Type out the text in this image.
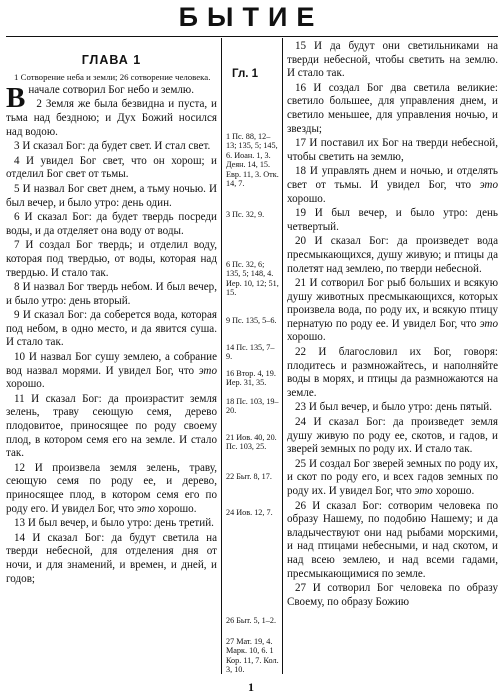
БЫТИЕ
ГЛАВА 1

1 Сотворение неба и земли; 26 сотворение человека.

В начале сотворил Бог небо и землю.

2 Земля же была безвидна и пуста, и тьма над бездною; и Дух Божий носился над водою.

3 И сказал Бог: да будет свет. И стал свет.

4 И увидел Бог свет, что он хорош; и отделил Бог свет от тьмы.

5 И назвал Бог свет днем, а тьму ночью. И был вечер, и было утро: день один.

6 И сказал Бог: да будет твердь посреди воды, и да отделяет она воду от воды.

7 И создал Бог твердь; и отделил воду, которая под твердью, от воды, которая над твердью. И стало так.

8 И назвал Бог твердь небом. И был вечер, и было утро: день вторый.

9 И сказал Бог: да соберется вода, которая под небом, в одно место, и да явится суша. И стало так.

10 И назвал Бог сушу землею, а собрание вод назвал морями. И увидел Бог, что это хорошо.

11 И сказал Бог: да произрастит земля зелень, траву сеющую семя, дерево плодовитое, приносящее по роду своему плод, в котором семя его на земле. И стало так.

12 И произвела земля зелень, траву, сеющую семя по роду ее, и дерево, приносящее плод, в котором семя его по роду его. И увидел Бог, что это хорошо.

13 И был вечер, и было утро: день третий.

14 И сказал Бог: да будут светила на тверди небесной, для отделения дня от ночи, и для знамений, и времен, и дней, и годов;

Гл. 1
1 Пс. 88, 12–13; 135, 5; 145, 6. Иоан. 1, 3. Деян. 14, 15. Евр. 11, 3. Отк. 14, 7.
3 Пс. 32, 9.
6 Пс. 32, 6; 135, 5; 148, 4. Иер. 10, 12; 51, 15.
9 Пс. 135, 5–6.
14 Пс. 135, 7–9.
16 Втор. 4, 19. Иер. 31, 35.
18 Пс. 103, 19–20.
21 Иов. 40, 20. Пс. 103, 25.
22 Быт. 8, 17.
24 Иов. 12, 7.
26 Быт. 5, 1–2.
27 Мат. 19, 4. Марк. 10, 6. 1 Кор. 11, 7. Кол. 3, 10.

15 И да будут они светильниками на тверди небесной, чтобы светить на землю. И стало так.

16 И создал Бог два светила великие: светило большее, для управления днем, и светило меньшее, для управления ночью, и звезды;

17 И поставил их Бог на тверди небесной, чтобы светить на землю,

18 И управлять днем и ночью, и отделять свет от тьмы. И увидел Бог, что это хорошо.

19 И был вечер, и было утро: день четвертый.

20 И сказал Бог: да произведет вода пресмыкающихся, душу живую; и птицы да полетят над землею, по тверди небесной.

21 И сотворил Бог рыб больших и всякую душу животных пресмыкающихся, которых произвела вода, по роду их, и всякую птицу пернатую по роду ее. И увидел Бог, что это хорошо.

22 И благословил их Бог, говоря: плодитесь и размножайтесь, и наполняйте воды в морях, и птицы да размножаются на земле.

23 И был вечер, и было утро: день пятый.

24 И сказал Бог: да произведет земля душу живую по роду ее, скотов, и гадов, и зверей земных по роду их. И стало так.

25 И создал Бог зверей земных по роду их, и скот по роду его, и всех гадов земных по роду их. И увидел Бог, что это хорошо.

26 И сказал Бог: сотворим человека по образу Нашему, по подобию Нашему; и да владычествуют они над рыбами морскими, и над птицами небесными, и над скотом, и над всею землею, и над всеми гадами, пресмыкающимися по земле.

27 И сотворил Бог человека по образу Своему, по образу Божию

1
